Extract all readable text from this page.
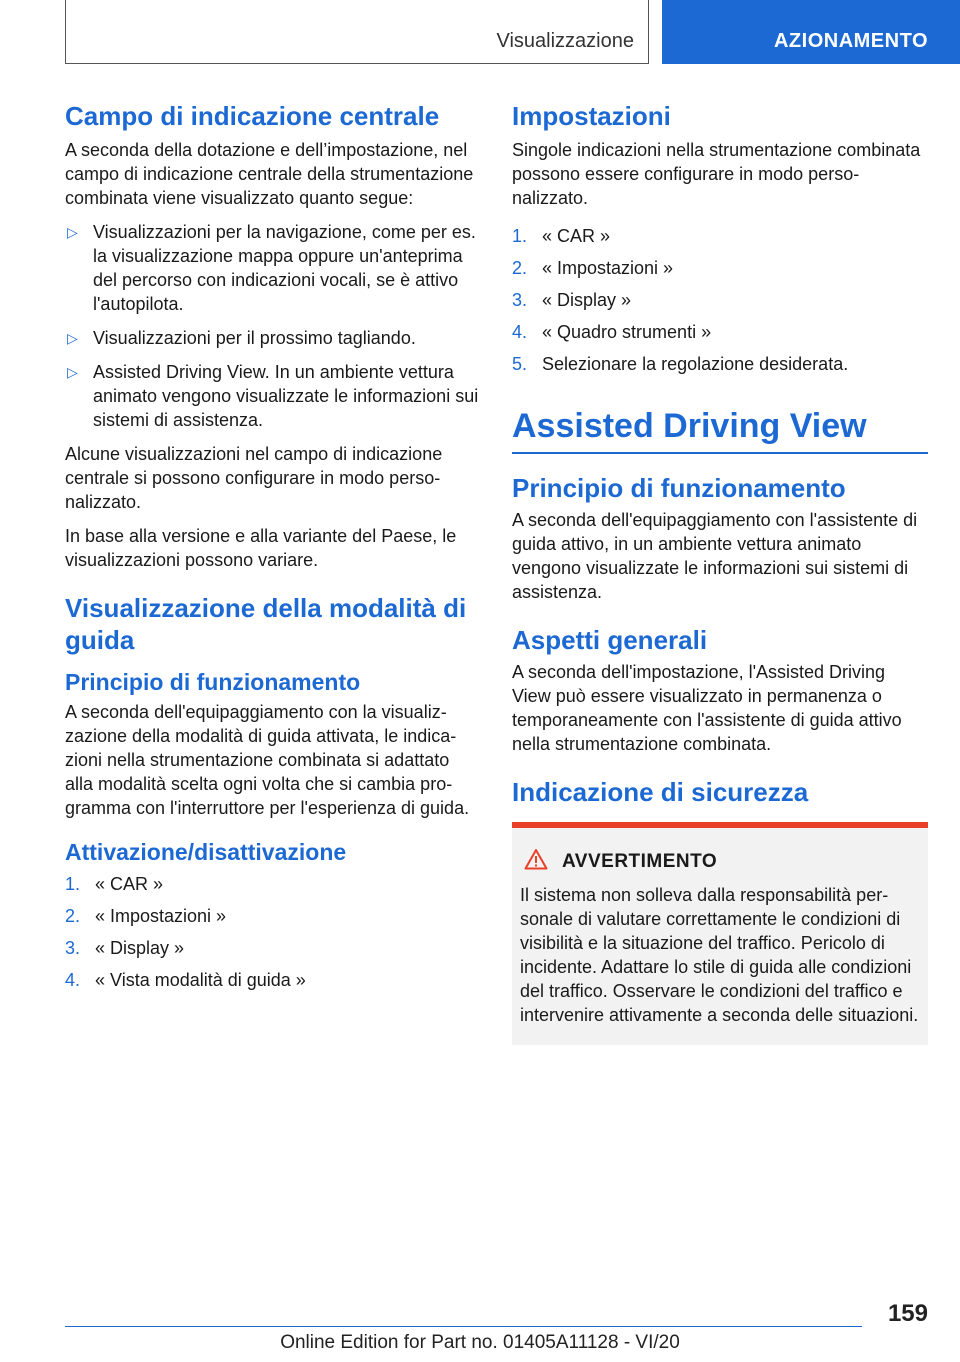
Visualizzazione	AZIONAMENTO
Campo di indicazione centrale

A seconda della dotazione e dell’impostazione, nel campo di indicazione centrale della strumentazione combinata viene visualizzato quanto segue:

▷ Visualizzazioni per la navigazione, come per es. la visualizzazione mappa oppure un'anteprima del percorso con indicazioni vocali, se è attivo l'autopilota.
▷ Visualizzazioni per il prossimo tagliando.
▷ Assisted Driving View. In un ambiente vettura animato vengono visualizzate le informazioni sui sistemi di assistenza.

Alcune visualizzazioni nel campo di indicazione centrale si possono configurare in modo personalizzato.

In base alla versione e alla variante del Paese, le visualizzazioni possono variare.

Visualizzazione della modalità di guida
Principio di funzionamento

A seconda dell'equipaggiamento con la visualizzazione della modalità di guida attivata, le indicazioni nella strumentazione combinata si adattato alla modalità scelta ogni volta che si cambia programma con l'interruttore per l'esperienza di guida.

Attivazione/disattivazione
1. « CAR »
2. « Impostazioni »
3. « Display »
4. « Vista modalità di guida »
Impostazioni

Singole indicazioni nella strumentazione combinata possono essere configurare in modo personalizzato.

1. « CAR »
2. « Impostazioni »
3. « Display »
4. « Quadro strumenti »
5. Selezionare la regolazione desiderata.
Assisted Driving View
Principio di funzionamento

A seconda dell'equipaggiamento con l'assistente di guida attivo, in un ambiente vettura animato vengono visualizzate le informazioni sui sistemi di assistenza.

Aspetti generali

A seconda dell'impostazione, l'Assisted Driving View può essere visualizzato in permanenza o temporaneamente con l'assistente di guida attivo nella strumentazione combinata.

Indicazione di sicurezza
AVVERTIMENTO

Il sistema non solleva dalla responsabilità personale di valutare correttamente le condizioni di visibilità e la situazione del traffico. Pericolo di incidente. Adattare lo stile di guida alle condizioni del traffico. Osservare le condizioni del traffico e intervenire attivamente a seconda delle situazioni.

159
Online Edition for Part no. 01405A11128 - VI/20
